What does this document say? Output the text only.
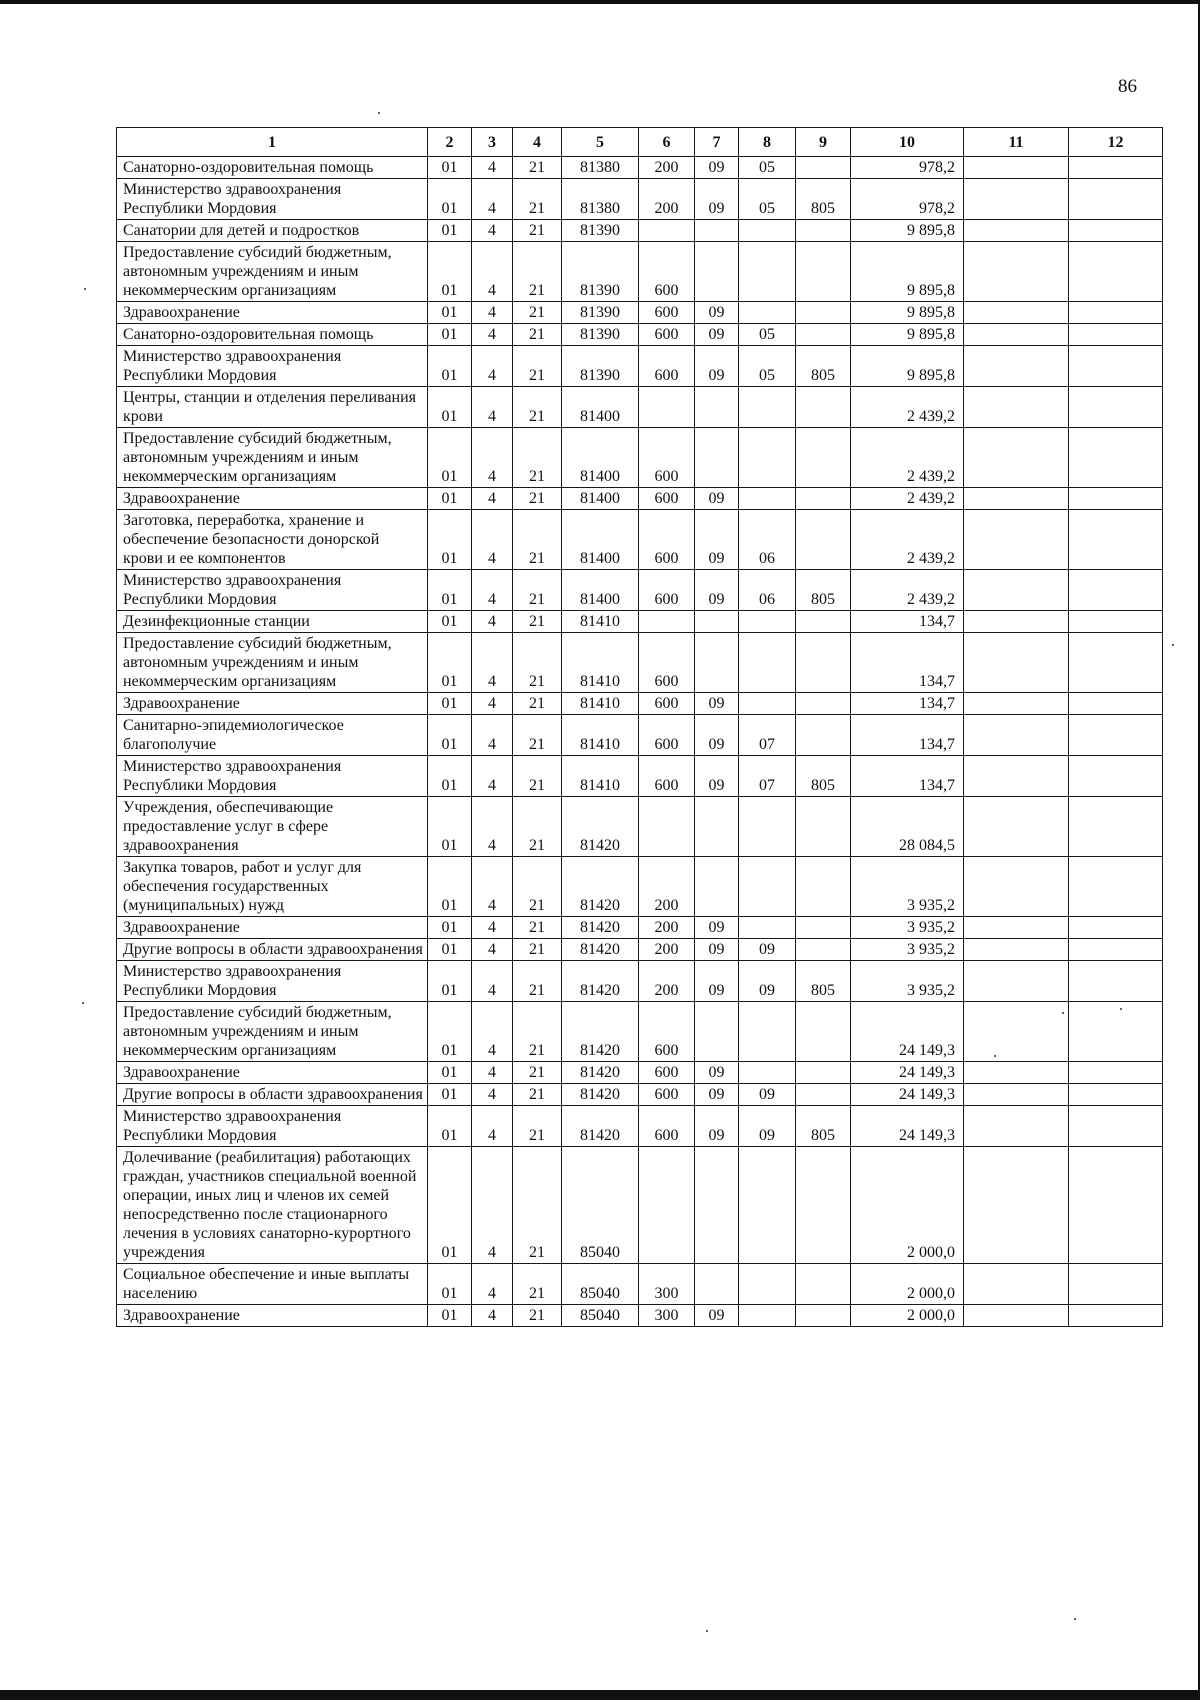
86
1	2	3	4	5	6	7	8	9	10	11	12
Санаторно-оздоровительная помощь	01	4	21	81380	200	09	05		978,2		
Министерство здравоохранения Республики Мордовия	01	4	21	81380	200	09	05	805	978,2		
Санатории для детей и подростков	01	4	21	81390					9 895,8		
Предоставление субсидий бюджетным, автономным учреждениям и иным некоммерческим организациям	01	4	21	81390	600				9 895,8		
Здравоохранение	01	4	21	81390	600	09			9 895,8		
Санаторно-оздоровительная помощь	01	4	21	81390	600	09	05		9 895,8		
Министерство здравоохранения Республики Мордовия	01	4	21	81390	600	09	05	805	9 895,8		
Центры, станции и отделения переливания крови	01	4	21	81400					2 439,2		
Предоставление субсидий бюджетным, автономным учреждениям и иным некоммерческим организациям	01	4	21	81400	600				2 439,2		
Здравоохранение	01	4	21	81400	600	09			2 439,2		
Заготовка, переработка, хранение и обеспечение безопасности донорской крови и ее компонентов	01	4	21	81400	600	09	06		2 439,2		
Министерство здравоохранения Республики Мордовия	01	4	21	81400	600	09	06	805	2 439,2		
Дезинфекционные станции	01	4	21	81410					134,7		
Предоставление субсидий бюджетным, автономным учреждениям и иным некоммерческим организациям	01	4	21	81410	600				134,7		
Здравоохранение	01	4	21	81410	600	09			134,7		
Санитарно-эпидемиологическое благополучие	01	4	21	81410	600	09	07		134,7		
Министерство здравоохранения Республики Мордовия	01	4	21	81410	600	09	07	805	134,7		
Учреждения, обеспечивающие предоставление услуг в сфере здравоохранения	01	4	21	81420					28 084,5		
Закупка товаров, работ и услуг для обеспечения государственных (муниципальных) нужд	01	4	21	81420	200				3 935,2		
Здравоохранение	01	4	21	81420	200	09			3 935,2		
Другие вопросы в области здравоохранения	01	4	21	81420	200	09	09		3 935,2		
Министерство здравоохранения Республики Мордовия	01	4	21	81420	200	09	09	805	3 935,2		
Предоставление субсидий бюджетным, автономным учреждениям и иным некоммерческим организациям	01	4	21	81420	600				24 149,3		
Здравоохранение	01	4	21	81420	600	09			24 149,3		
Другие вопросы в области здравоохранения	01	4	21	81420	600	09	09		24 149,3		
Министерство здравоохранения Республики Мордовия	01	4	21	81420	600	09	09	805	24 149,3		
Долечивание (реабилитация) работающих граждан, участников специальной военной операции, иных лиц и членов их семей непосредственно после стационарного лечения в условиях санаторно-курортного учреждения	01	4	21	85040					2 000,0		
Социальное обеспечение и иные выплаты населению	01	4	21	85040	300				2 000,0		
Здравоохранение	01	4	21	85040	300	09			2 000,0		
